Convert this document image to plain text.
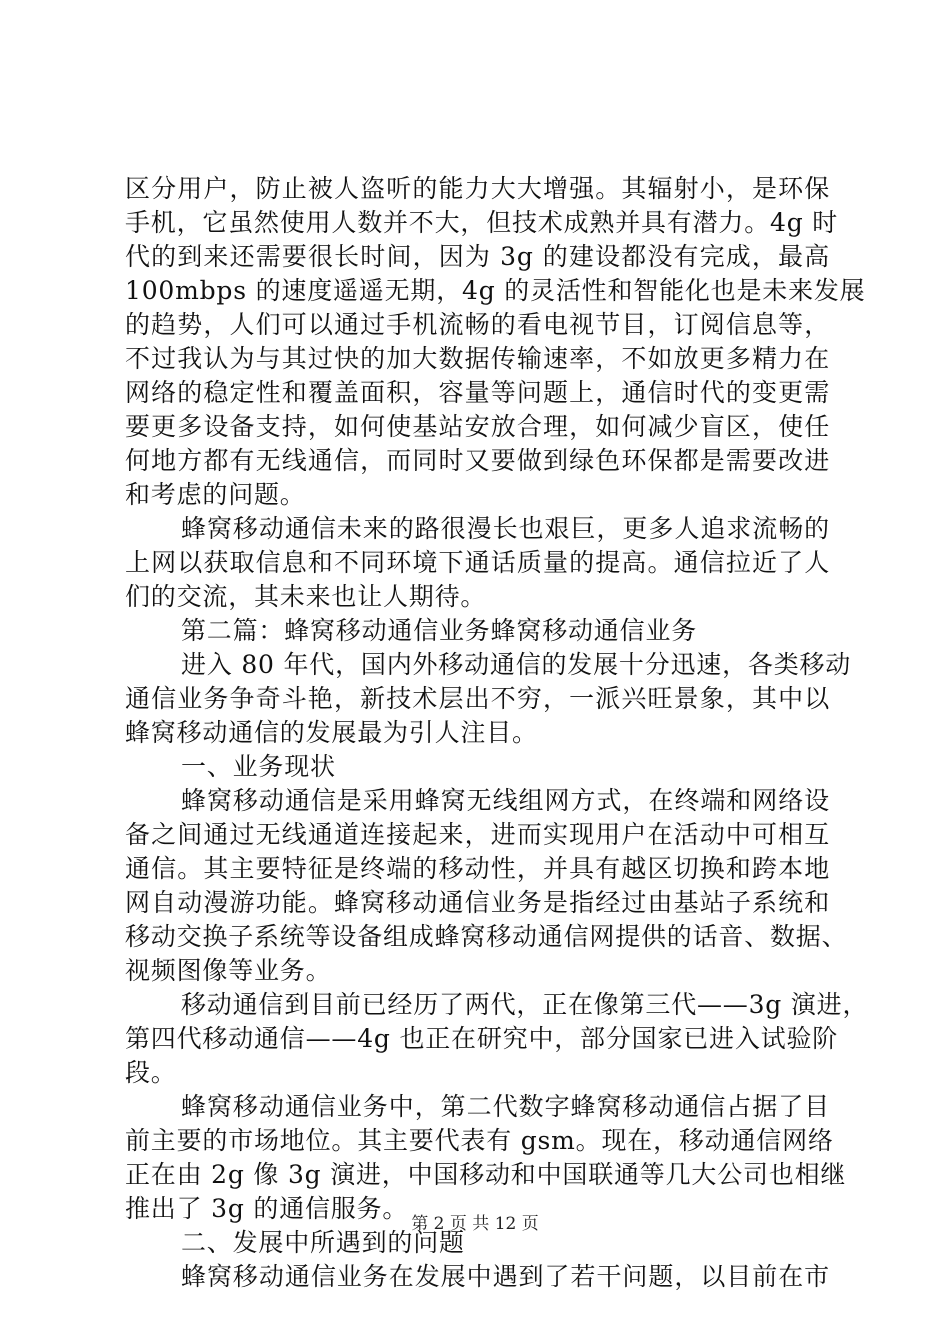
区分用户，防止被人盗听的能力大大增强。其辐射小，是环保
手机，它虽然使用人数并不大，但技术成熟并具有潜力。4g 时
代的到来还需要很长时间，因为 3g 的建设都没有完成，最高
100mbps 的速度遥遥无期，4g 的灵活性和智能化也是未来发展
的趋势，人们可以通过手机流畅的看电视节目，订阅信息等，
不过我认为与其过快的加大数据传输速率，不如放更多精力在
网络的稳定性和覆盖面积，容量等问题上，通信时代的变更需
要更多设备支持，如何使基站安放合理，如何减少盲区，使任
何地方都有无线通信，而同时又要做到绿色环保都是需要改进
和考虑的问题。
蜂窝移动通信未来的路很漫长也艰巨，更多人追求流畅的
上网以获取信息和不同环境下通话质量的提高。通信拉近了人
们的交流，其未来也让人期待。
第二篇：蜂窝移动通信业务蜂窝移动通信业务
进入 80 年代，国内外移动通信的发展十分迅速，各类移动
通信业务争奇斗艳，新技术层出不穷，一派兴旺景象，其中以
蜂窝移动通信的发展最为引人注目。
一、业务现状
蜂窝移动通信是采用蜂窝无线组网方式，在终端和网络设
备之间通过无线通道连接起来，进而实现用户在活动中可相互
通信。其主要特征是终端的移动性，并具有越区切换和跨本地
网自动漫游功能。蜂窝移动通信业务是指经过由基站子系统和
移动交换子系统等设备组成蜂窝移动通信网提供的话音、数据、
视频图像等业务。
移动通信到目前已经历了两代，正在像第三代——3g 演进，
第四代移动通信——4g 也正在研究中，部分国家已进入试验阶
段。
蜂窝移动通信业务中，第二代数字蜂窝移动通信占据了目
前主要的市场地位。其主要代表有 gsm。现在，移动通信网络
正在由 2g 像 3g 演进，中国移动和中国联通等几大公司也相继
推出了 3g 的通信服务。
二、发展中所遇到的问题
蜂窝移动通信业务在发展中遇到了若干问题，以目前在市
第 2 页 共 12 页
